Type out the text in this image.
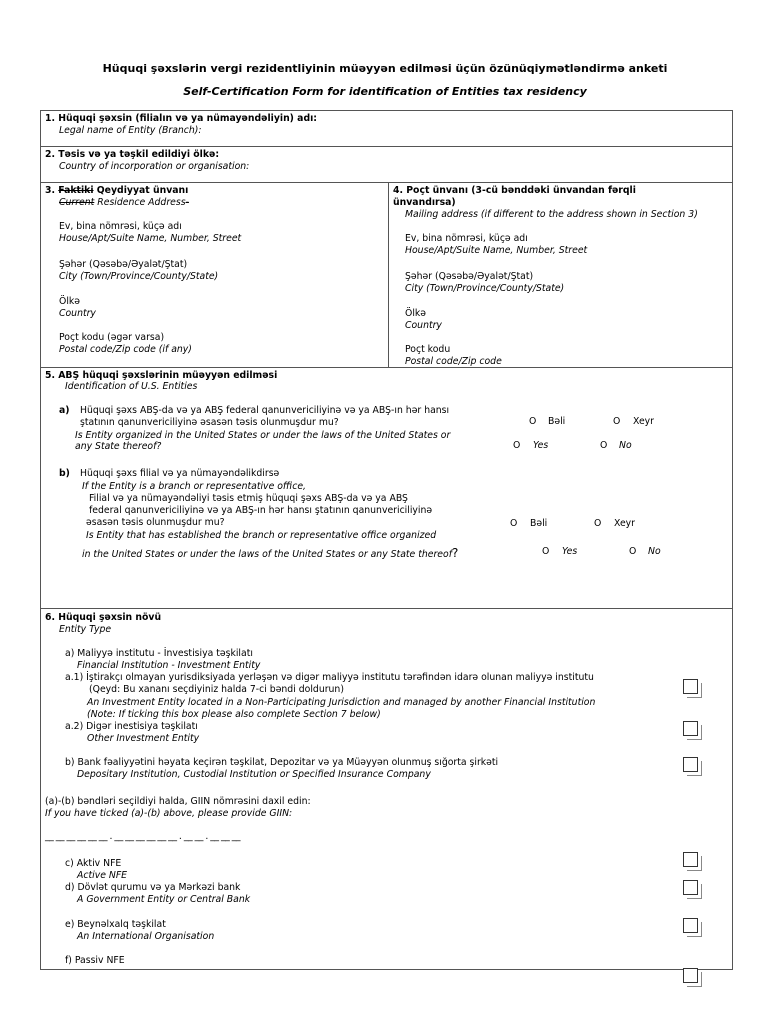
Hüquqi şəxslərin vergi rezidentliyinin müəyyən edilməsi üçün özünüqiymətləndirmə anketi
Self-Certification Form for identification of Entities tax residency
1. Hüquqi şəxsin (filialın və ya nümayəndəliyin) adı:
Legal name of Entity (Branch):
2. Təsis və ya təşkil edildiyi ölkə:
Country of incorporation or organisation:
3. Faktiki Qeydiyyat ünvanı
Current Residence Address-
Ev, bina nömrəsi, küçə adı
House/Apt/Suite Name, Number, Street
Şəhər (Qəsəbə/Əyalət/Ştat)
City (Town/Province/County/State)
Ölkə
Country
Poçt kodu (əgər varsa)
Postal code/Zip code (if any)
4. Poçt ünvanı (3-cü bənddəki ünvandan fərqli
ünvandırsa)
Mailing address (if different to the address shown in Section 3)
Ev, bina nömrəsi, küçə adı
House/Apt/Suite Name, Number, Street
Şəhər (Qəsəbə/Əyalət/Ştat)
City (Town/Province/County/State)
Ölkə
Country
Poçt kodu
Postal code/Zip code
5. ABŞ hüquqi şəxslərinin müəyyən edilməsi
Identification of U.S. Entities
a) Hüquqi şəxs ABŞ-da və ya ABŞ federal qanunvericiliyinə və ya ABŞ-ın hər hansı
ştatının qanunvericiliyinə əsasən təsis olunmuşdur mu?
Is Entity organized in the United States or under the laws of the United States or
any State thereof?
O Bəli	O Xeyr
O Yes	O No
b) Hüquqi şəxs filial və ya nümayəndəlikdirsə
If the Entity is a branch or representative office,
Filial və ya nümayəndəliyi təsis etmiş hüquqi şəxs ABŞ-da və ya ABŞ
federal qanunvericiliyinə və ya ABŞ-ın hər hansı ştatının qanunvericiliyinə
əsasən təsis olunmuşdur mu?
Is Entity that has established the branch or representative office organized
in the United States or under the laws of the United States or any State thereof?
O Bəli	O Xeyr
O Yes	O No
6. Hüquqi şəxsin növü
Entity Type
a) Maliyyə institutu - İnvestisiya təşkilatı
Financial Institution - Investment Entity
a.1) İştirakçı olmayan yurisdiksiyada yerləşən və digər maliyyə institutu tərəfindən idarə olunan maliyyə institutu
(Qeyd: Bu xananı seçdiyiniz halda 7-ci bəndi doldurun)
An Investment Entity located in a Non-Participating Jurisdiction and managed by another Financial Institution
(Note: If ticking this box please also complete Section 7 below)
a.2) Digər inestisiya təşkilatı
Other Investment Entity
b) Bank fəaliyyətini həyata keçirən təşkilat, Depozitar və ya Müəyyən olunmuş sığorta şirkəti
Depositary Institution, Custodial Institution or Specified Insurance Company
(a)-(b) bəndləri seçildiyi halda, GIIN nömrəsini daxil edin:
If you have ticked (a)-(b) above, please provide GIIN:
__ __ __ __ __ __ . __ __ __ __ __ __ . __ __ . __ __ __
c) Aktiv NFE
Active NFE
d) Dövlət qurumu və ya Mərkəzi bank
A Government Entity or Central Bank
e) Beynəlxalq təşkilat
An International Organisation
f) Passiv NFE
